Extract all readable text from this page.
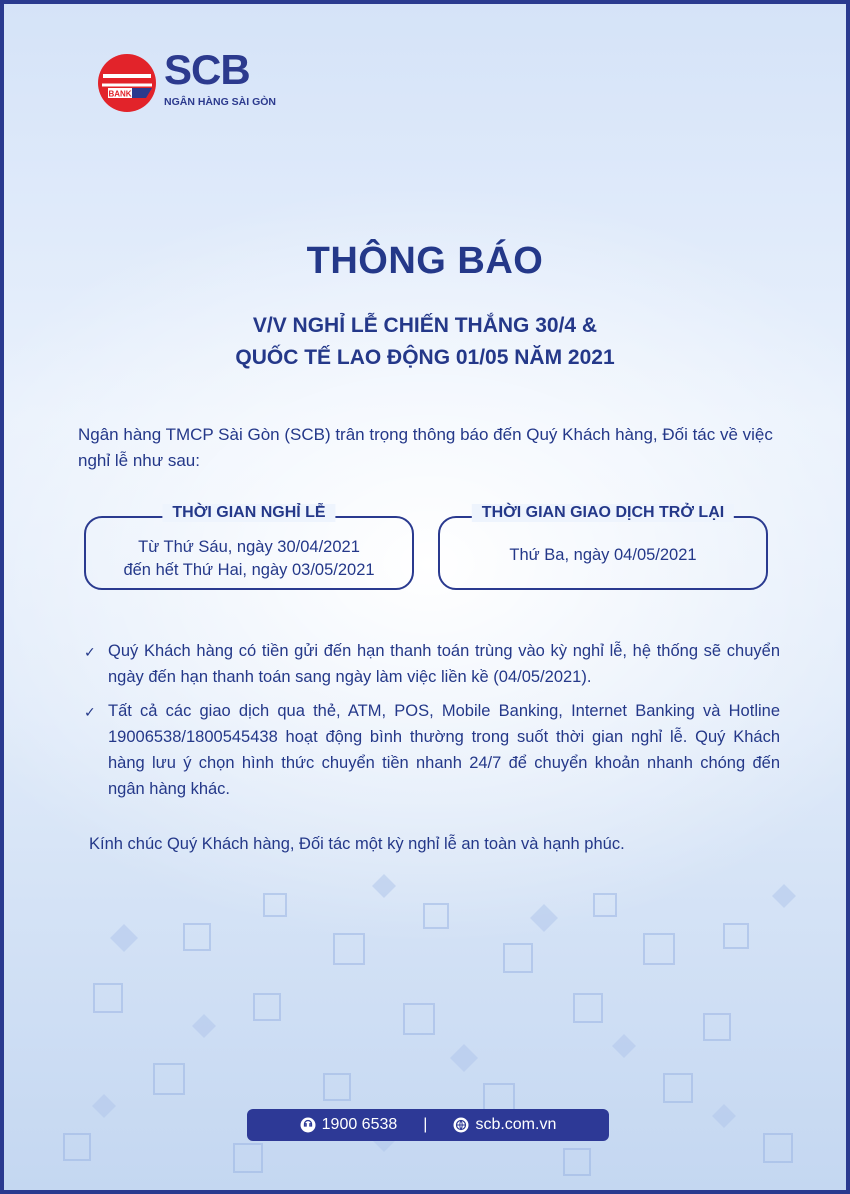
BANK
SCB
NGÂN HÀNG SÀI GÒN
THÔNG BÁO
V/V NGHỈ LỄ CHIẾN THẮNG 30/4 &
QUỐC TẾ LAO ĐỘNG 01/05 NĂM 2021
Ngân hàng TMCP Sài Gòn (SCB) trân trọng thông báo đến Quý Khách hàng, Đối tác về việc nghỉ lễ như sau:
THỜI GIAN NGHỈ LỄ
Từ Thứ Sáu, ngày 30/04/2021
đến hết Thứ Hai, ngày 03/05/2021
THỜI GIAN GIAO DỊCH TRỞ LẠI
Thứ Ba, ngày 04/05/2021
✓ Quý Khách hàng có tiền gửi đến hạn thanh toán trùng vào kỳ nghỉ lễ, hệ thống sẽ chuyển ngày đến hạn thanh toán sang ngày làm việc liền kề (04/05/2021).
✓ Tất cả các giao dịch qua thẻ, ATM, POS, Mobile Banking, Internet Banking và Hotline 19006538/1800545438 hoạt động bình thường trong suốt thời gian nghỉ lễ. Quý Khách hàng lưu ý chọn hình thức chuyển tiền nhanh 24/7 để chuyển khoản nhanh chóng đến ngân hàng khác.
Kính chúc Quý Khách hàng, Đối tác một kỳ nghỉ lễ an toàn và hạnh phúc.
1900 6538 |	scb.com.vn
